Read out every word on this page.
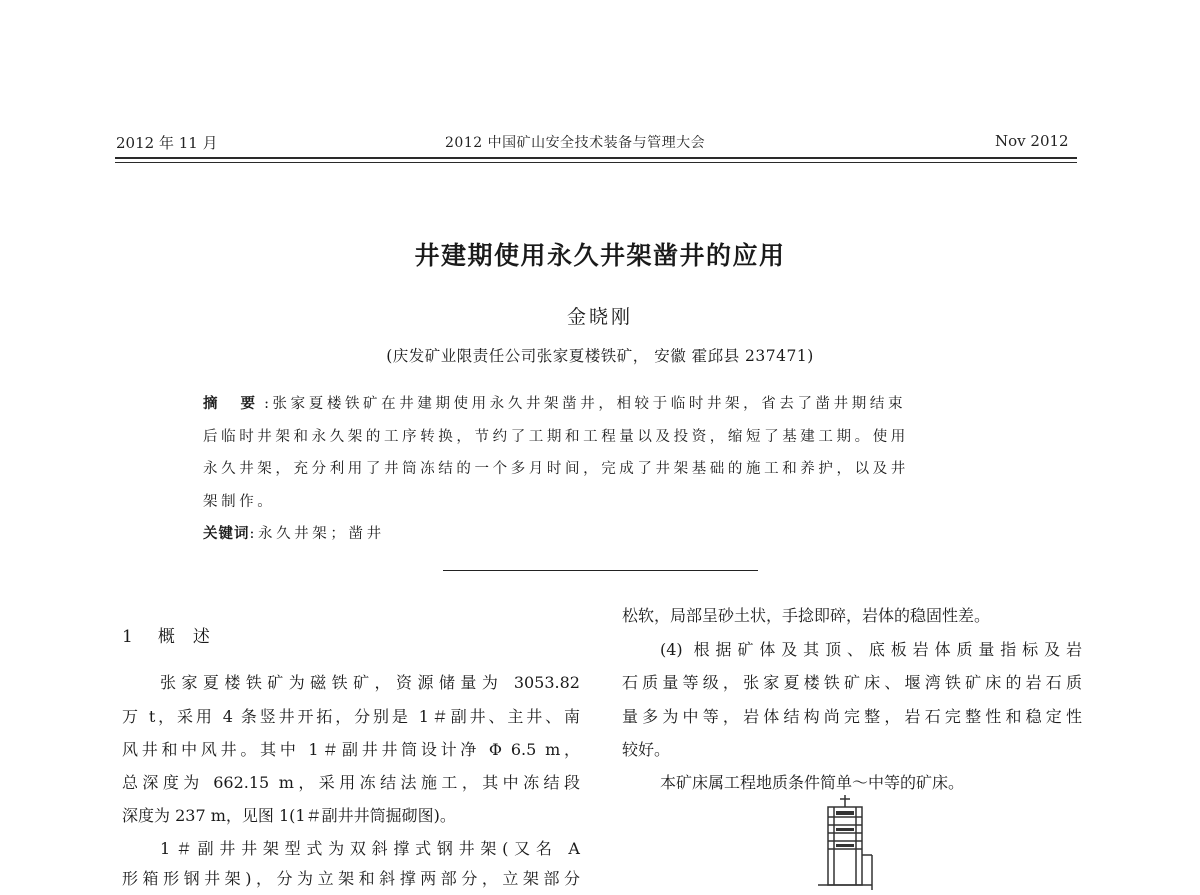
2012 年 11 月	2012 中国矿山安全技术装备与管理大会	Nov 2012
井建期使用永久井架凿井的应用
金晓刚
(庆发矿业限责任公司张家夏楼铁矿， 安徽 霍邱县 237471)
摘 要:张家夏楼铁矿在井建期使用永久井架凿井，相较于临时井架，省去了凿井期结束
后临时井架和永久架的工序转换，节约了工期和工程量以及投资，缩短了基建工期。使用
永久井架，充分利用了井筒冻结的一个多月时间，完成了井架基础的施工和养护，以及井
架制作。
关键词:永久井架；凿井
1 概述
张家夏楼铁矿为磁铁矿，资源储量为 3053.82
万 t，采用 4 条竖井开拓，分别是 1＃副井、主井、南
风井和中风井。其中 1＃副井井筒设计净 Φ 6.5 m，
总深度为 662.15 m，采用冻结法施工，其中冻结段
深度为 237 m，见图 1(1＃副井井筒掘砌图)。
1＃副井井架型式为双斜撑式钢井架(又名 A
形箱形钢井架)，分为立架和斜撑两部分，立架部分
松软，局部呈砂土状，手捻即碎，岩体的稳固性差。
(4) 根据矿体及其顶、底板岩体质量指标及岩
石质量等级，张家夏楼铁矿床、堰湾铁矿床的岩石质
量多为中等，岩体结构尚完整，岩石完整性和稳定性
较好。
本矿床属工程地质条件简单～中等的矿床。
